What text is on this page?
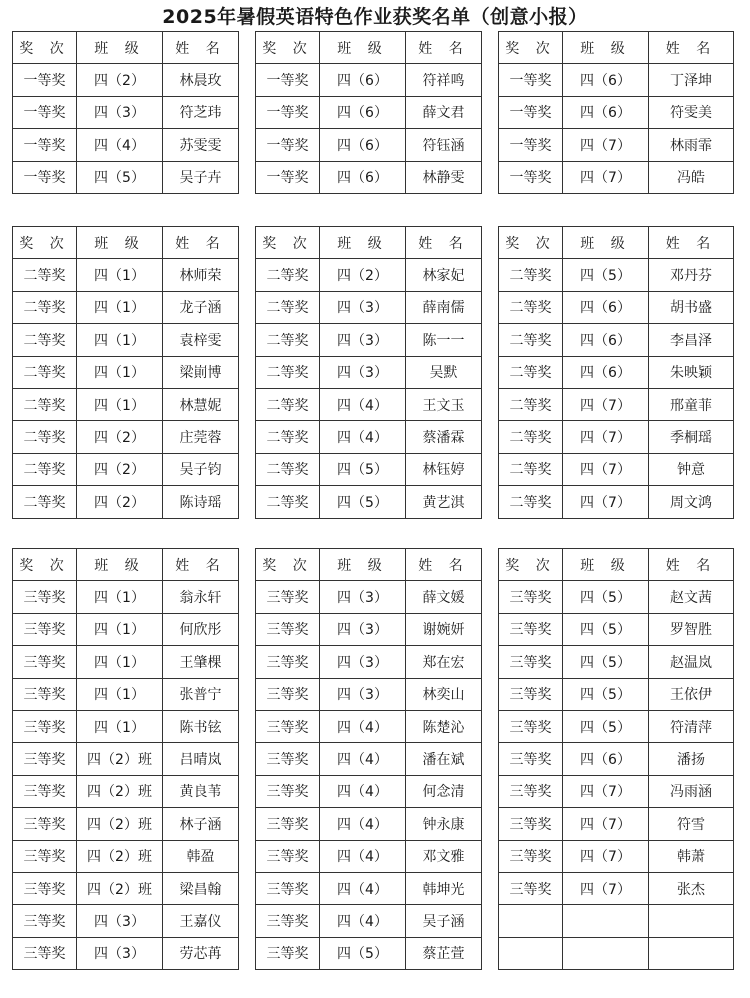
2025年暑假英语特色作业获奖名单（创意小报）
奖 次	班 级	姓 名		奖 次	班 级	姓 名		奖 次	班 级	姓 名
一等奖	四（2）	林晨玫		一等奖	四（6）	符祥鸣		一等奖	四（6）	丁泽坤
一等奖	四（3）	符芝玮		一等奖	四（6）	薛文君		一等奖	四（6）	符雯美
一等奖	四（4）	苏雯雯		一等奖	四（6）	符钰涵		一等奖	四（7）	林雨霏
一等奖	四（5）	吴子卉		一等奖	四（6）	林静雯		一等奖	四（7）	冯皓
奖 次	班 级	姓 名		奖 次	班 级	姓 名		奖 次	班 级	姓 名
二等奖	四（1）	林师荣		二等奖	四（2）	林家妃		二等奖	四（5）	邓丹芬
二等奖	四（1）	龙子涵		二等奖	四（3）	薛南儒		二等奖	四（6）	胡书盛
二等奖	四（1）	袁梓雯		二等奖	四（3）	陈一一		二等奖	四（6）	李昌泽
二等奖	四（1）	梁崱博		二等奖	四（3）	吴默		二等奖	四（6）	朱映颖
二等奖	四（1）	林慧妮		二等奖	四（4）	王文玉		二等奖	四（7）	邢童菲
二等奖	四（2）	庄莞蓉		二等奖	四（4）	蔡潘霖		二等奖	四（7）	季桐瑶
二等奖	四（2）	吴子钧		二等奖	四（5）	林钰婷		二等奖	四（7）	钟意
二等奖	四（2）	陈诗瑶		二等奖	四（5）	黄艺淇		二等奖	四（7）	周文鸿
奖 次	班 级	姓 名		奖 次	班 级	姓 名		奖 次	班 级	姓 名
三等奖	四（1）	翁永轩		三等奖	四（3）	薛文媛		三等奖	四（5）	赵文茜
三等奖	四（1）	何欣彤		三等奖	四（3）	谢婉妍		三等奖	四（5）	罗智胜
三等奖	四（1）	王肇棵		三等奖	四（3）	郑在宏		三等奖	四（5）	赵温岚
三等奖	四（1）	张普宁		三等奖	四（3）	林奕山		三等奖	四（5）	王依伊
三等奖	四（1）	陈书铉		三等奖	四（4）	陈楚沁		三等奖	四（5）	符清萍
三等奖	四（2）班	吕晴岚		三等奖	四（4）	潘在斌		三等奖	四（6）	潘扬
三等奖	四（2）班	黄良苇		三等奖	四（4）	何念清		三等奖	四（7）	冯雨涵
三等奖	四（2）班	林子涵		三等奖	四（4）	钟永康		三等奖	四（7）	符雪
三等奖	四（2）班	韩盈		三等奖	四（4）	邓文雅		三等奖	四（7）	韩萧
三等奖	四（2）班	梁昌翰		三等奖	四（4）	韩坤光		三等奖	四（7）	张杰
三等奖	四（3）	王嘉仪		三等奖	四（4）	吴子涵				
三等奖	四（3）	劳芯苒		三等奖	四（5）	蔡芷萱				
